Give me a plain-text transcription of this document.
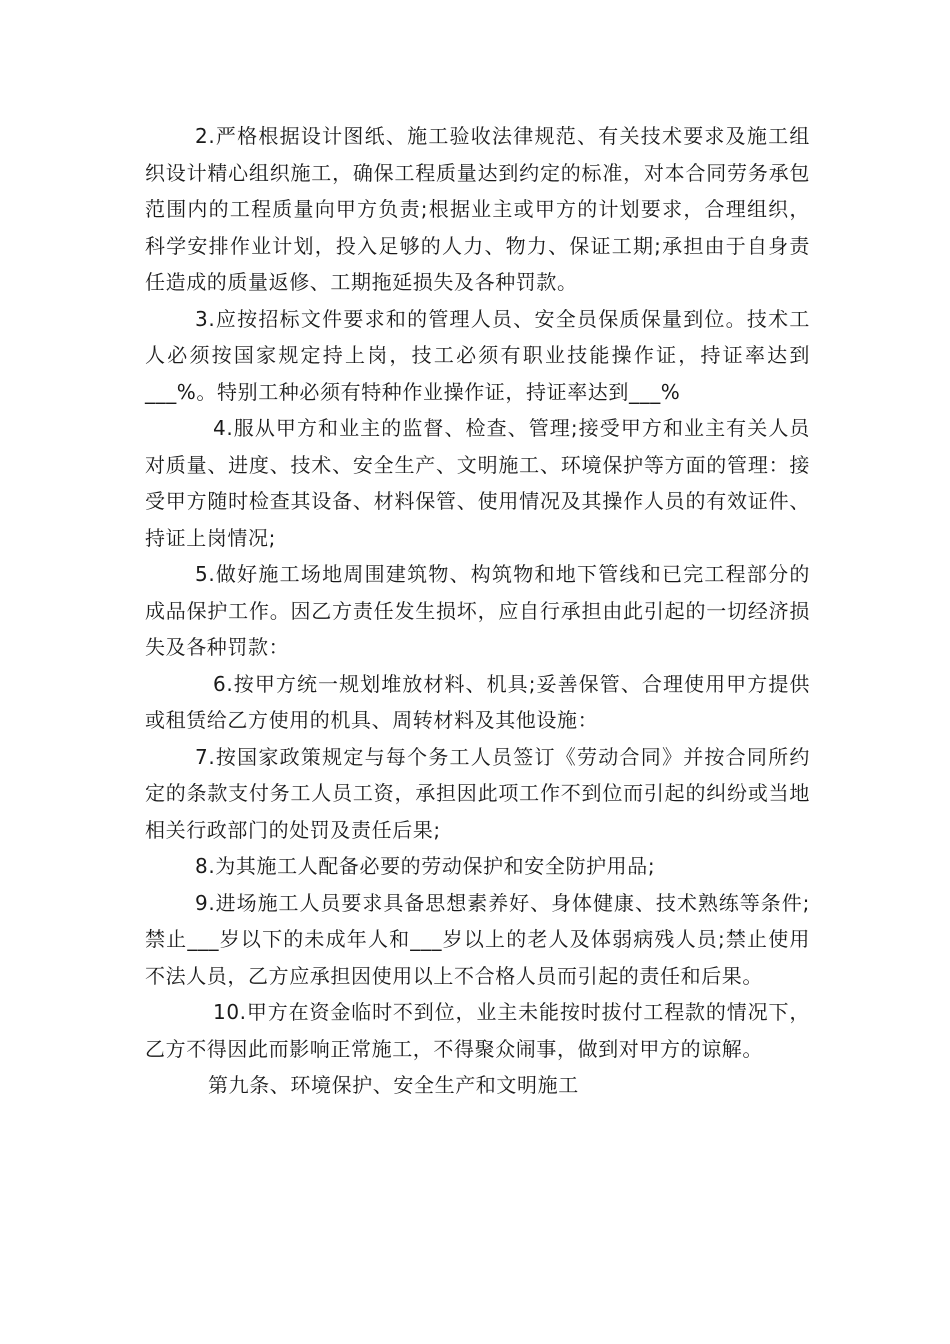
2.严格根据设计图纸、施工验收法律规范、有关技术要求及施工组织设计精心组织施工，确保工程质量达到约定的标准，对本合同劳务承包范围内的工程质量向甲方负责;根据业主或甲方的计划要求，合理组织，科学安排作业计划，投入足够的人力、物力、保证工期;承担由于自身责任造成的质量返修、工期拖延损失及各种罚款。

3.应按招标文件要求和的管理人员、安全员保质保量到位。技术工人必须按国家规定持上岗，技工必须有职业技能操作证，持证率达到___%。特别工种必须有特种作业操作证，持证率达到___%

4.服从甲方和业主的监督、检查、管理;接受甲方和业主有关人员对质量、进度、技术、安全生产、文明施工、环境保护等方面的管理：接受甲方随时检查其设备、材料保管、使用情况及其操作人员的有效证件、持证上岗情况;

5.做好施工场地周围建筑物、构筑物和地下管线和已完工程部分的成品保护工作。因乙方责任发生损坏，应自行承担由此引起的一切经济损失及各种罚款：

6.按甲方统一规划堆放材料、机具;妥善保管、合理使用甲方提供或租赁给乙方使用的机具、周转材料及其他设施：

7.按国家政策规定与每个务工人员签订《劳动合同》并按合同所约定的条款支付务工人员工资，承担因此项工作不到位而引起的纠纷或当地相关行政部门的处罚及责任后果;

8.为其施工人配备必要的劳动保护和安全防护用品;

9.进场施工人员要求具备思想素养好、身体健康、技术熟练等条件;禁止___岁以下的未成年人和___岁以上的老人及体弱病残人员;禁止使用不法人员，乙方应承担因使用以上不合格人员而引起的责任和后果。

10.甲方在资金临时不到位，业主未能按时拔付工程款的情况下，乙方不得因此而影响正常施工，不得聚众闹事，做到对甲方的谅解。

第九条、环境保护、安全生产和文明施工
